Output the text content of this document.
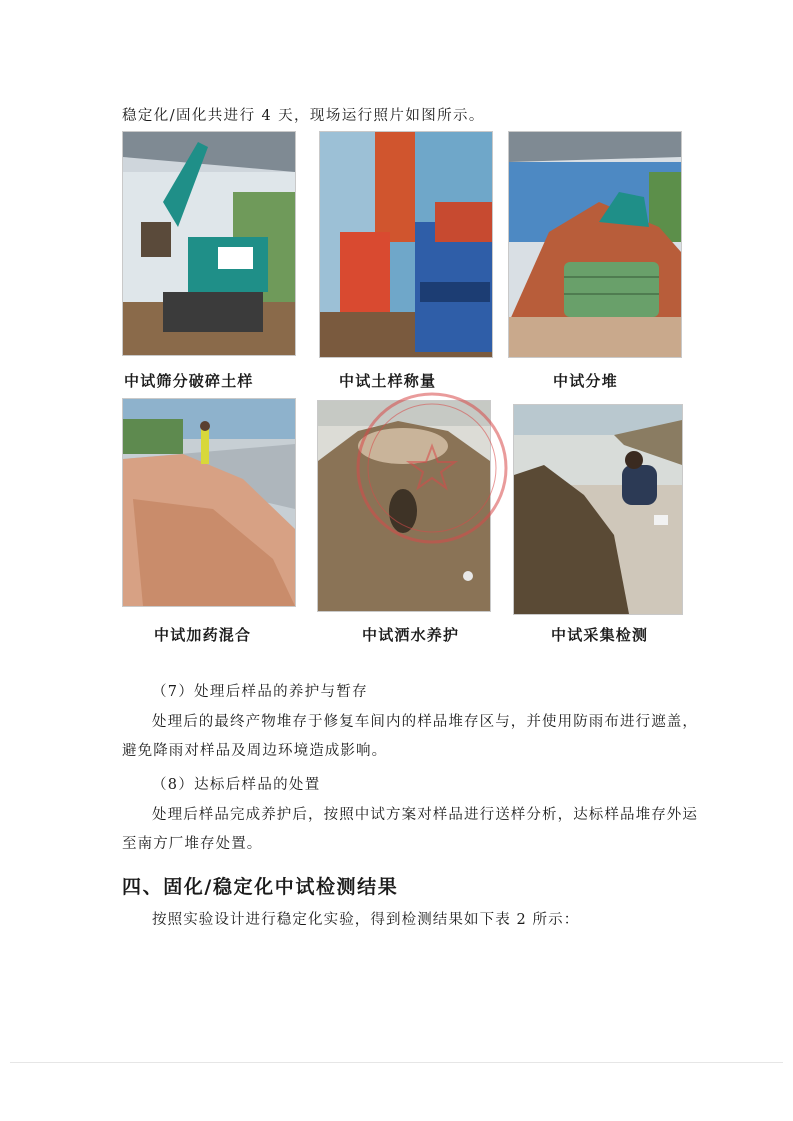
稳定化/固化共进行 4 天，现场运行照片如图所示。
中试筛分破碎土样	中试土样称量	中试分堆
中试加药混合	中试洒水养护	中试采集检测
（7）处理后样品的养护与暂存
处理后的最终产物堆存于修复车间内的样品堆存区与，并使用防雨布进行遮盖，避免降雨对样品及周边环境造成影响。
（8）达标后样品的处置
处理后样品完成养护后，按照中试方案对样品进行送样分析，达标样品堆存外运至南方厂堆存处置。
四、固化/稳定化中试检测结果
按照实验设计进行稳定化实验，得到检测结果如下表 2 所示：
